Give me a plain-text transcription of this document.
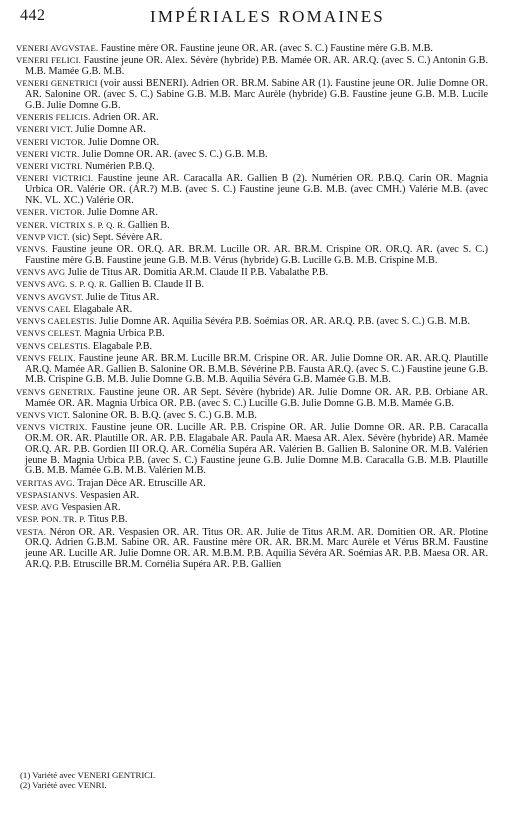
442	IMPÉRIALES ROMAINES

VENERI AVGVSTAE. Faustine mère OR. Faustine jeune OR. AR. (avec S. C.) Faustine mère G.B. M.B.

VENERI FELICI. Faustine jeune OR. Alex. Sévère (hybride) P.B. Mamée OR. AR. AR.Q. (avec S. C.) Antonin G.B. M.B. Mamée G.B. M.B.

VENERI GENETRICI (voir aussi BENERI). Adrien OR. BR.M. Sabine AR (1). Faustine jeune OR. Julie Domne OR. AR. Salonine OR. (avec S. C.) Sabine G.B. M.B. Marc Aurèle (hybride) G.B. Faustine jeune G.B. M.B. Lucile G.B. Julie Domne G.B.

VENERIS FELICIS. Adrien OR. AR.

VENERI VICT. Julie Domne AR.

VENERI VICTOR. Julie Domne OR.

VENERI VICTR. Julie Domne OR. AR. (avec S. C.) G.B. M.B.

VENERI VICTRI. Numérien P.B.Q.

VENERI VICTRICI. Faustine jeune AR. Caracalla AR. Gallien B (2). Numérien OR. P.B.Q. Carin OR. Magnia Urbica OR. Valérie OR. (AR.?) M.B. (avec S. C.) Faustine jeune G.B. M.B. (avec CMH.) Valérie M.B. (avec NK. VL. XC.) Valérie OR.

VENER. VICTOR. Julie Domne AR.

VENER. VICTRIX S. P. Q. R. Gallien B.

VENVP VICT. (sic) Sept. Sévère AR.

VENVS. Faustine jeune OR. OR.Q. AR. BR.M. Lucille OR. AR. BR.M. Crispine OR. OR.Q. AR. (avec S. C.) Faustine mère G.B. Faustine jeune G.B. M.B. Vérus (hybride) G.B. Lucille G.B. M.B. Crispine M.B.

VENVS AVG Julie de Titus AR. Domitia AR.M. Claude II P.B. Vabalathe P.B.

VENVS AVG. S. P. Q. R. Gallien B. Claude II B.

VENVS AVGVST. Julie de Titus AR.

VENVS CAEL Elagabale AR.

VENVS CAELESTIS. Julie Domne AR. Aquilia Sévéra P.B. Soémias OR. AR. AR.Q. P.B. (avec S. C.) G.B. M.B.

VENVS CELEST. Magnia Urbica P.B.

VENVS CELESTIS. Elagabale P.B.

VENVS FELIX. Faustine jeune AR. BR.M. Lucille BR.M. Crispine OR. AR. Julie Domne OR. AR. AR.Q. Plautille AR.Q. Mamée AR. Gallien B. Salonine OR. B.M.B. Sévérine P.B. Fausta AR.Q. (avec S. C.) Faustine jeune G.B. M.B. Crispine G.B. M.B. Julie Domne G.B. M.B. Aquilia Sévéra G.B. Mamée G.B. M.B.

VENVS GENETRIX. Faustine jeune OR. AR Sept. Sévère (hybride) AR. Julie Domne OR. AR. P.B. Orbiane AR. Mamée OR. AR. Magnia Urbica OR. P.B. (avec S. C.) Lucille G.B. Julie Domne G.B. M.B. Mamée G.B.

VENVS VICT. Salonine OR. B. B.Q. (avec S. C.) G.B. M.B.

VENVS VICTRIX. Faustine jeune OR. Lucille AR. P.B. Crispine OR. AR. Julie Domne OR. AR. P.B. Caracalla OR.M. OR. AR. Plautille OR. AR. P.B. Elagabale AR. Paula AR. Maesa AR. Alex. Sévère (hybride) AR. Mamée OR.Q. AR. P.B. Gordien III OR.Q. AR. Cornélia Supéra AR. Valérien B. Gallien B. Salonine OR. M.B. Valérien jeune B. Magnia Urbica P.B. (avec S. C.) Faustine jeune G.B. Julie Domne M.B. Caracalla G.B. M.B. Plautille G.B. M.B. Mamée G.B. M.B. Valérien M.B.

VERITAS AVG. Trajan Dèce AR. Etruscille AR.

VESPASIANVS. Vespasien AR.

VESP. AVG Vespasien AR.

VESP. PON. TR. P. Titus P.B.

VESTA. Néron OR. AR. Vespasien OR. AR. Titus OR. AR. Julie de Titus AR.M. AR. Domitien OR. AR. Plotine OR.Q. Adrien G.B.M. Sabine OR. AR. Faustine mère OR. AR. BR.M. Marc Aurèle et Vérus BR.M. Faustine jeune AR. Lucille AR. Julie Domne OR. AR. M.B.M. P.B. Aquilia Sévéra AR. Soémias AR. P.B. Maesa OR. AR. AR.Q. P.B. Etruscille BR.M. Cornélia Supéra AR. P.B. Gallien

(1) Variété avec VENERI GENTRICI.

(2) Variété avec VENRI.
